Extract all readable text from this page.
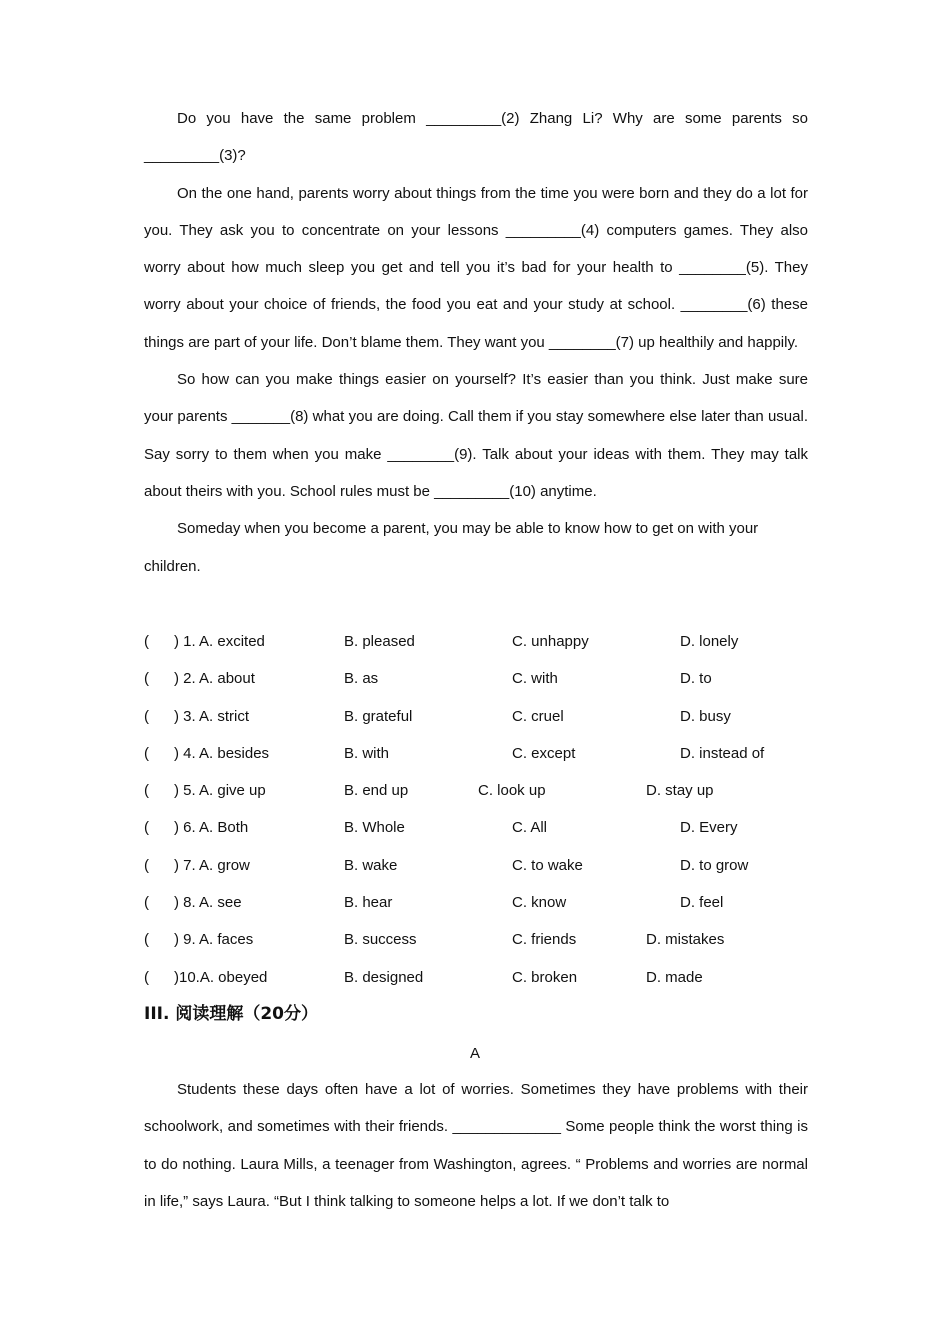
Do you have the same problem _________(2) Zhang Li? Why are some parents so _________(3)?

On the one hand, parents worry about things from the time you were born and they do a lot for you. They ask you to concentrate on your lessons _________(4) computers games. They also worry about how much sleep you get and tell you it’s bad for your health to ________(5). They worry about your choice of friends, the food you eat and your study at school. ________(6) these things are part of your life. Don’t blame them. They want you ________(7) up healthily and happily.

So how can you make things easier on yourself? It’s easier than you think. Just make sure your parents _______(8) what you are doing. Call them if you stay somewhere else later than usual. Say sorry to them when you make ________(9). Talk about your ideas with them. They may talk about theirs with you. School rules must be _________(10) anytime.

Someday when you become a parent, you may be able to know how to get on with your children.

( ) 1. A. excited	B. pleased	C. unhappy	D. lonely
( ) 2. A. about	B. as	C. with	D. to
( ) 3. A. strict	B. grateful	C. cruel	D. busy
( ) 4. A. besides	B. with	C. except	D. instead of
( ) 5. A. give up	B. end up	C. look up	D. stay up
( ) 6. A. Both	B. Whole	C. All	D. Every
( ) 7. A. grow	B. wake	C. to wake	D. to grow
( ) 8. A. see	B. hear	C. know	D. feel
( ) 9. A. faces	B. success	C. friends	D. mistakes
( )10.A. obeyed	B. designed	C. broken	D. made
III. 阅读理解（20分）
A

Students these days often have a lot of worries. Sometimes they have problems with their schoolwork, and sometimes with their friends. _____________ Some people think the worst thing is to do nothing. Laura Mills, a teenager from Washington, agrees. “ Problems and worries are normal in life,” says Laura. “But I think talking to someone helps a lot. If we don’t talk to
